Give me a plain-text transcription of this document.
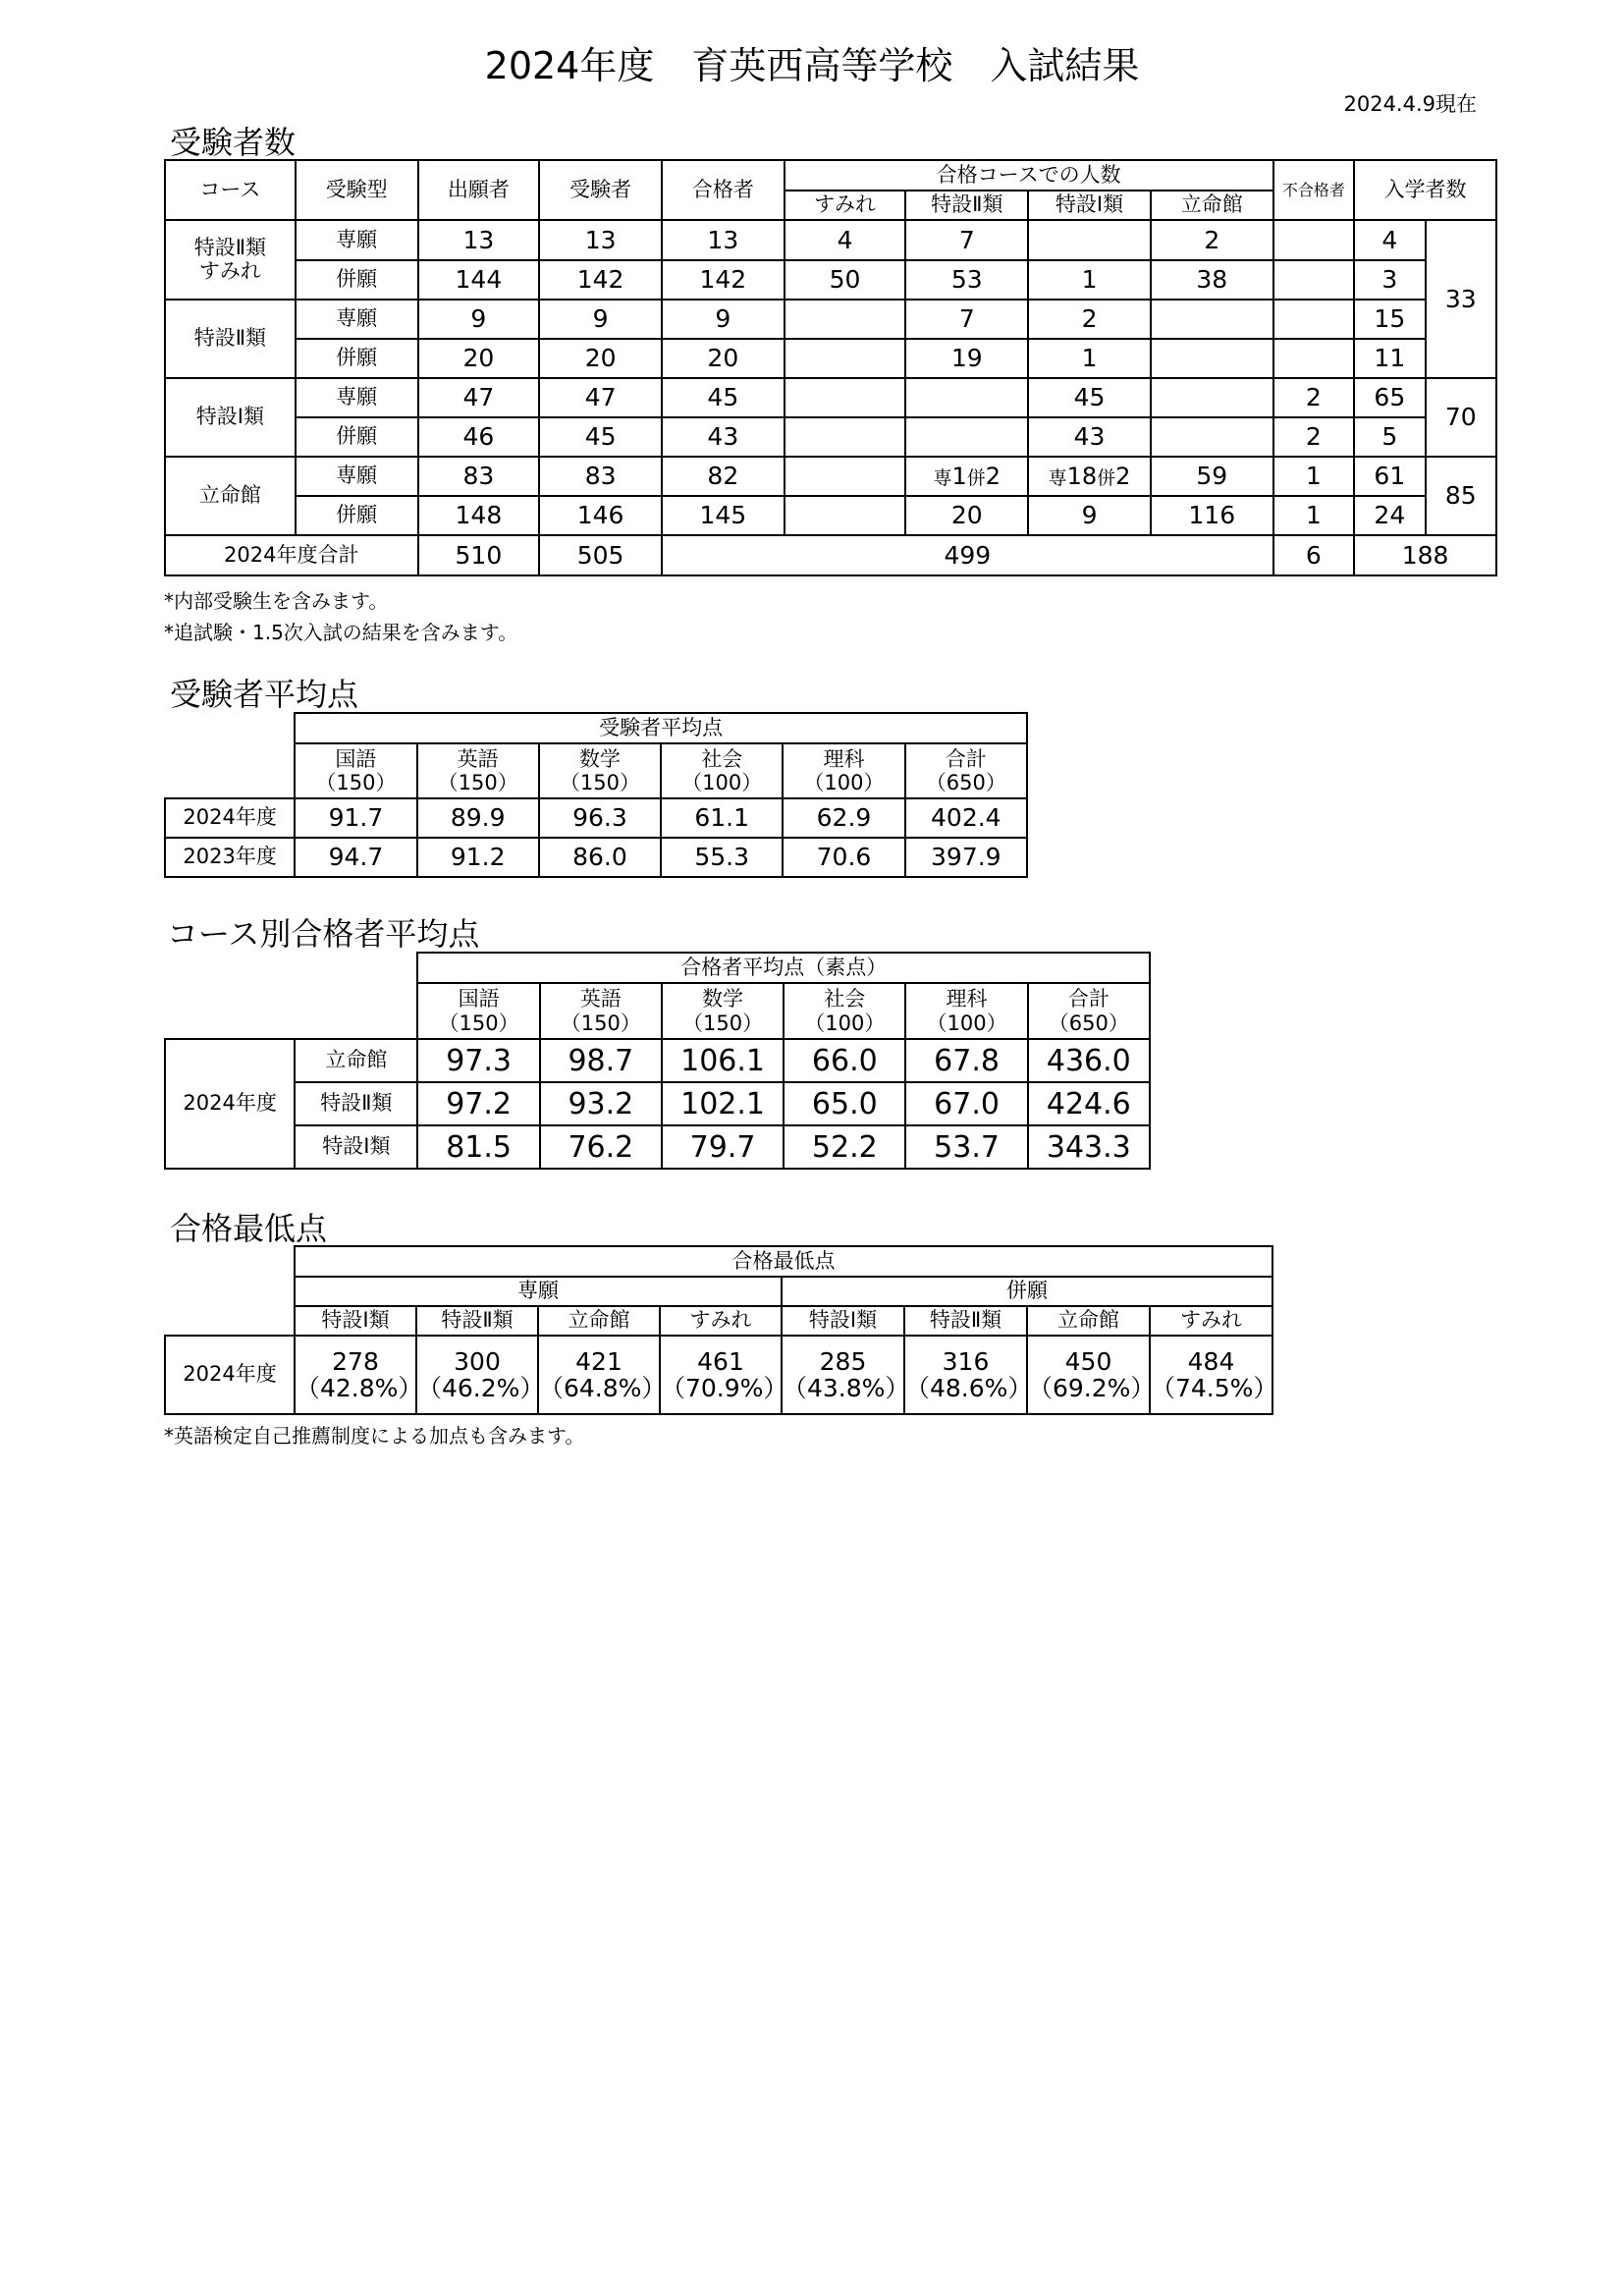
2024年度　育英西高等学校　入試結果
2024.4.9現在
受験者数
コース	受験型	出願者	受験者	合格者	合格コースでの人数				不合格者	入学者数	
					すみれ	特設Ⅱ類	特設Ⅰ類	立命館			

特設Ⅱ類
すみれ	専願	13	13	13	4	7		2		4	33
	併願	144	142	142	50	53	1	38		3	
特設Ⅱ類	専願	9	9	9		7	2			15	
	併願	20	20	20		19	1			11	
特設Ⅰ類	専願	47	47	45			45		2	65	70
	併願	46	45	43			43		2	5	
立命館	専願	83	83	82		専1併2	専18併2	59	1	61	85
	併願	148	146	145		20	9	116	1	24	
2024年度合計		510	505	499					6	188	
*内部受験生を含みます。
*追試験・1.5次入試の結果を含みます。
受験者平均点
	受験者平均点					

	国語
（150）	英語
（150）	数学
（150）	社会
（100）	理科
（100）	合計
（650）

2024年度	91.7	89.9	96.3	61.1	62.9	402.4
2023年度	94.7	91.2	86.0	55.3	70.6	397.9
コース別合格者平均点
		合格者平均点（素点）					

		国語
（150）	英語
（150）	数学
（150）	社会
（100）	理科
（100）	合計
（650）

2024年度	立命館	97.3	98.7	106.1	66.0	67.8	436.0
	特設Ⅱ類	97.2	93.2	102.1	65.0	67.0	424.6
	特設Ⅰ類	81.5	76.2	79.7	52.2	53.7	343.3
合格最低点
	合格最低点							
	専願				併願			
	特設Ⅰ類	特設Ⅱ類	立命館	すみれ	特設Ⅰ類	特設Ⅱ類	立命館	すみれ
2024年度	278
（42.8%）	300
（46.2%）	421
（64.8%）	461
（70.9%）	285
（43.8%）	316
（48.6%）	450
（69.2%）	484
（74.5%）
*英語検定自己推薦制度による加点も含みます。
